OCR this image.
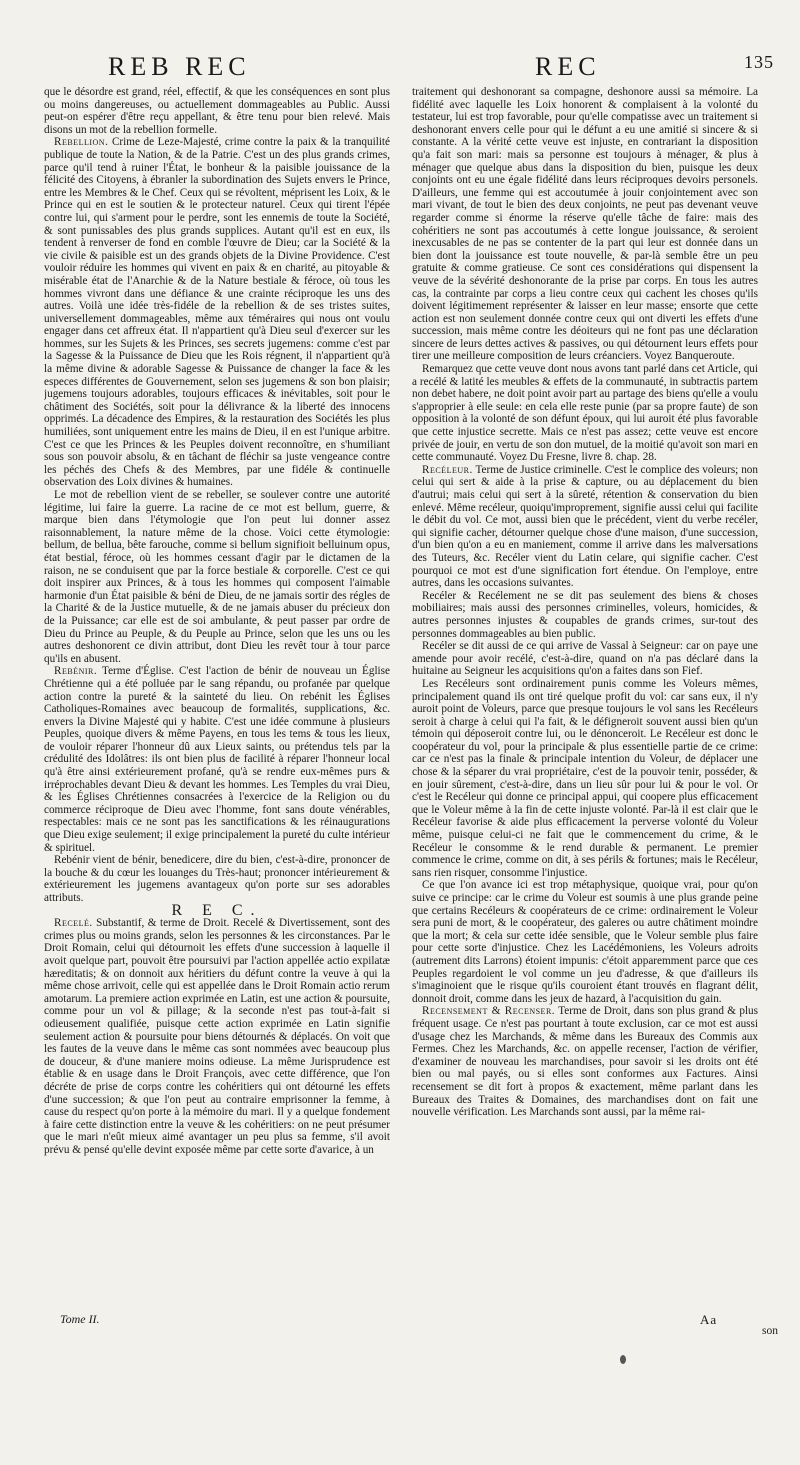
REB REC	REC	135

que le désordre est grand, réel, effectif, & que les conséquences en sont plus ou moins dangereuses, ou actuellement dommageables au Public. Aussi peut-on espérer d'être reçu appellant, & être tenu pour bien relevé. Mais disons un mot de la rebellion formelle.

Rebellion. Crime de Leze-Majesté, crime contre la paix & la tranquilité publique de toute la Nation, & de la Patrie. C'est un des plus grands crimes, parce qu'il tend à ruiner l'État, le bonheur & la paisible jouissance de la félicité des Citoyens, à ébranler la subordination des Sujets envers le Prince, entre les Membres & le Chef. Ceux qui se révoltent, méprisent les Loix, & le Prince qui en est le soutien & le protecteur naturel. Ceux qui tirent l'épée contre lui, qui s'arment pour le perdre, sont les ennemis de toute la Société, & sont punissables des plus grands supplices. Autant qu'il est en eux, ils tendent à renverser de fond en comble l'œuvre de Dieu; car la Société & la vie civile & paisible est un des grands objets de la Divine Providence. C'est vouloir réduire les hommes qui vivent en paix & en charité, au pitoyable & misérable état de l'Anarchie & de la Nature bestiale & féroce, où tous les hommes vivront dans une défiance & une crainte réciproque les uns des autres. Voilà une idée très-fidéle de la rebellion & de ses tristes suites, universellement dommageables, même aux téméraires qui nous ont voulu engager dans cet affreux état. Il n'appartient qu'à Dieu seul d'exercer sur les hommes, sur les Sujets & les Princes, ses secrets jugemens: comme c'est par la Sagesse & la Puissance de Dieu que les Rois régnent, il n'appartient qu'à la même divine & adorable Sagesse & Puissance de changer la face & les especes différentes de Gouvernement, selon ses jugemens & son bon plaisir; jugemens toujours adorables, toujours efficaces & inévitables, soit pour le châtiment des Sociétés, soit pour la délivrance & la liberté des innocens opprimés. La décadence des Empires, & la restauration des Sociétés les plus humiliées, sont uniquement entre les mains de Dieu, il en est l'unique arbitre. C'est ce que les Princes & les Peuples doivent reconnoître, en s'humiliant sous son pouvoir absolu, & en tâchant de fléchir sa juste vengeance contre les péchés des Chefs & des Membres, par une fidéle & continuelle observation des Loix divines & humaines.

Le mot de rebellion vient de se rebeller, se soulever contre une autorité légitime, lui faire la guerre. La racine de ce mot est bellum, guerre, & marque bien dans l'étymologie que l'on peut lui donner assez raisonnablement, la nature même de la chose. Voici cette étymologie: bellum, de bellua, bête farouche, comme si bellum signifioit belluinum opus, état bestial, féroce, où les hommes cessant d'agir par le dictamen de la raison, ne se conduisent que par la force bestiale & corporelle. C'est ce qui doit inspirer aux Princes, & à tous les hommes qui composent l'aimable harmonie d'un État paisible & béni de Dieu, de ne jamais sortir des régles de la Charité & de la Justice mutuelle, & de ne jamais abuser du précieux don de la Puissance; car elle est de soi ambulante, & peut passer par ordre de Dieu du Prince au Peuple, & du Peuple au Prince, selon que les uns ou les autres deshonorent ce divin attribut, dont Dieu les revêt tour à tour parce qu'ils en abusent.

Rebénir. Terme d'Église. C'est l'action de bénir de nouveau un Église Chrétienne qui a été polluée par le sang répandu, ou profanée par quelque action contre la pureté & la sainteté du lieu. On rebénit les Églises Catholiques-Romaines avec beaucoup de formalités, supplications, &c. envers la Divine Majesté qui y habite. C'est une idée commune à plusieurs Peuples, quoique divers & même Payens, en tous les tems & tous les lieux, de vouloir réparer l'honneur dû aux Lieux saints, ou prétendus tels par la crédulité des Idolâtres: ils ont bien plus de facilité à réparer l'honneur local qu'à être ainsi extérieurement profané, qu'à se rendre eux-mêmes purs & irréprochables devant Dieu & devant les hommes. Les Temples du vrai Dieu, & les Églises Chrétiennes consacrées à l'exercice de la Religion ou du commerce réciproque de Dieu avec l'homme, font sans doute vénérables, respectables: mais ce ne sont pas les sanctifications & les réinaugurations que Dieu exige seulement; il exige principalement la pureté du culte intérieur & spirituel.

Rebénir vient de bénir, benedicere, dire du bien, c'est-à-dire, prononcer de la bouche & du cœur les louanges du Très-haut; prononcer intérieurement & extérieurement les jugemens avantageux qu'on porte sur ses adorables attributs.

R E C.

Recelé. Substantif, & terme de Droit. Recelé & Divertissement, sont des crimes plus ou moins grands, selon les personnes & les circonstances. Par le Droit Romain, celui qui détournoit les effets d'une succession à laquelle il avoit quelque part, pouvoit être poursuivi par l'action appellée actio expilatæ hæreditatis; & on donnoit aux héritiers du défunt contre la veuve à qui la même chose arrivoit, celle qui est appellée dans le Droit Romain actio rerum amotarum. La premiere action exprimée en Latin, est une action & poursuite, comme pour un vol & pillage; & la seconde n'est pas tout-à-fait si odieusement qualifiée, puisque cette action exprimée en Latin signifie seulement action & poursuite pour biens détournés & déplacés. On voit que les fautes de la veuve dans le même cas sont nommées avec beaucoup plus de douceur, & d'une maniere moins odieuse. La même Jurisprudence est établie & en usage dans le Droit François, avec cette différence, que l'on décréte de prise de corps contre les cohéritiers qui ont détourné les effets d'une succession; & que l'on peut au contraire emprisonner la femme, à cause du respect qu'on porte à la mémoire du mari. Il y a quelque fondement à faire cette distinction entre la veuve & les cohéritiers: on ne peut présumer que le mari n'eût mieux aimé avantager un peu plus sa femme, s'il avoit prévu & pensé qu'elle devint exposée même par cette sorte d'avarice, à un

traitement qui deshonorant sa compagne, deshonore aussi sa mémoire. La fidélité avec laquelle les Loix honorent & complaisent à la volonté du testateur, lui est trop favorable, pour qu'elle compatisse avec un traitement si deshonorant envers celle pour qui le défunt a eu une amitié si sincere & si constante. A la vérité cette veuve est injuste, en contrariant la disposition qu'a fait son mari: mais sa personne est toujours à ménager, & plus à ménager que quelque abus dans la disposition du bien, puisque les deux conjoints ont eu une égale fidélité dans leurs réciproques devoirs personels. D'ailleurs, une femme qui est accoutumée à jouir conjointement avec son mari vivant, de tout le bien des deux conjoints, ne peut pas devenant veuve regarder comme si énorme la réserve qu'elle tâche de faire: mais des cohéritiers ne sont pas accoutumés à cette longue jouissance, & seroient inexcusables de ne pas se contenter de la part qui leur est donnée dans un bien dont la jouissance est toute nouvelle, & par-là semble être un peu gratuite & comme gratieuse. Ce sont ces considérations qui dispensent la veuve de la sévérité deshonorante de la prise par corps. En tous les autres cas, la contrainte par corps a lieu contre ceux qui cachent les choses qu'ils doivent légitimement représenter & laisser en leur masse; ensorte que cette action est non seulement donnée contre ceux qui ont diverti les effets d'une succession, mais même contre les déoiteurs qui ne font pas une déclaration sincere de leurs dettes actives & passives, ou qui détournent leurs effets pour tirer une meilleure composition de leurs créanciers. Voyez Banqueroute.

Remarquez que cette veuve dont nous avons tant parlé dans cet Article, qui a recélé & latité les meubles & effets de la communauté, in subtractis partem non debet habere, ne doit point avoir part au partage des biens qu'elle a voulu s'approprier à elle seule: en cela elle reste punie (par sa propre faute) de son opposition à la volonté de son défunt époux, qui lui auroit été plus favorable que cette injustice secrette. Mais ce n'est pas assez; cette veuve est encore privée de jouir, en vertu de son don mutuel, de la moitié qu'avoit son mari en cette communauté. Voyez Du Fresne, livre 8. chap. 28.

Recéleur. Terme de Justice criminelle. C'est le complice des voleurs; non celui qui sert & aide à la prise & capture, ou au déplacement du bien d'autrui; mais celui qui sert à la sûreté, rétention & conservation du bien enlevé. Même recéleur, quoiqu'improprement, signifie aussi celui qui facilite le débit du vol. Ce mot, aussi bien que le précédent, vient du verbe recéler, qui signifie cacher, détourner quelque chose d'une maison, d'une succession, d'un bien qu'on a eu en maniement, comme il arrive dans les malversations des Tuteurs, &c. Recéler vient du Latin celare, qui signifie cacher. C'est pourquoi ce mot est d'une signification fort étendue. On l'employe, entre autres, dans les occasions suivantes.

Recéler & Recélement ne se dit pas seulement des biens & choses mobiliaires; mais aussi des personnes criminelles, voleurs, homicides, & autres personnes injustes & coupables de grands crimes, sur-tout des personnes dommageables au bien public.

Recéler se dit aussi de ce qui arrive de Vassal à Seigneur: car on paye une amende pour avoir recélé, c'est-à-dire, quand on n'a pas déclaré dans la huitaine au Seigneur les acquisitions qu'on a faites dans son Fief.

Les Recéleurs sont ordinairement punis comme les Voleurs mêmes, principalement quand ils ont tiré quelque profit du vol: car sans eux, il n'y auroit point de Voleurs, parce que presque toujours le vol sans les Recéleurs seroit à charge à celui qui l'a fait, & le défigneroit souvent aussi bien qu'un témoin qui déposeroit contre lui, ou le dénonceroit. Le Recéleur est donc le coopérateur du vol, pour la principale & plus essentielle partie de ce crime: car ce n'est pas la finale & principale intention du Voleur, de déplacer une chose & la séparer du vrai propriétaire, c'est de la pouvoir tenir, posséder, & en jouir sûrement, c'est-à-dire, dans un lieu sûr pour lui & pour le vol. Or c'est le Recéleur qui donne ce principal appui, qui coopere plus efficacement que le Voleur même à la fin de cette injuste volonté. Par-là il est clair que le Recéleur favorise & aide plus efficacement la perverse volonté du Voleur même, puisque celui-ci ne fait que le commencement du crime, & le Recéleur le consomme & le rend durable & permanent. Le premier commence le crime, comme on dit, à ses périls & fortunes; mais le Recéleur, sans rien risquer, consomme l'injustice.

Ce que l'on avance ici est trop métaphysique, quoique vrai, pour qu'on suive ce principe: car le crime du Voleur est soumis à une plus grande peine que certains Recéleurs & coopérateurs de ce crime: ordinairement le Voleur sera puni de mort, & le coopérateur, des galeres ou autre châtiment moindre que la mort; & cela sur cette idée sensible, que le Voleur semble plus faire pour cette sorte d'injustice. Chez les Lacédémoniens, les Voleurs adroits (autrement dits Larrons) étoient impunis: c'étoit apparemment parce que ces Peuples regardoient le vol comme un jeu d'adresse, & que d'ailleurs ils s'imaginoient que le risque qu'ils couroient étant trouvés en flagrant délit, donnoit droit, comme dans les jeux de hazard, à l'acquisition du gain.

Recensement & Recenser. Terme de Droit, dans son plus grand & plus fréquent usage. Ce n'est pas pourtant à toute exclusion, car ce mot est aussi d'usage chez les Marchands, & même dans les Bureaux des Commis aux Fermes. Chez les Marchands, &c. on appelle recenser, l'action de vérifier, d'examiner de nouveau les marchandises, pour savoir si les droits ont été bien ou mal payés, ou si elles sont conformes aux Factures. Ainsi recensement se dit fort à propos & exactement, même parlant dans les Bureaux des Traites & Domaines, des marchandises dont on fait une nouvelle vérification. Les Marchands sont aussi, par la même rai-

Tome II.	Aa
son
